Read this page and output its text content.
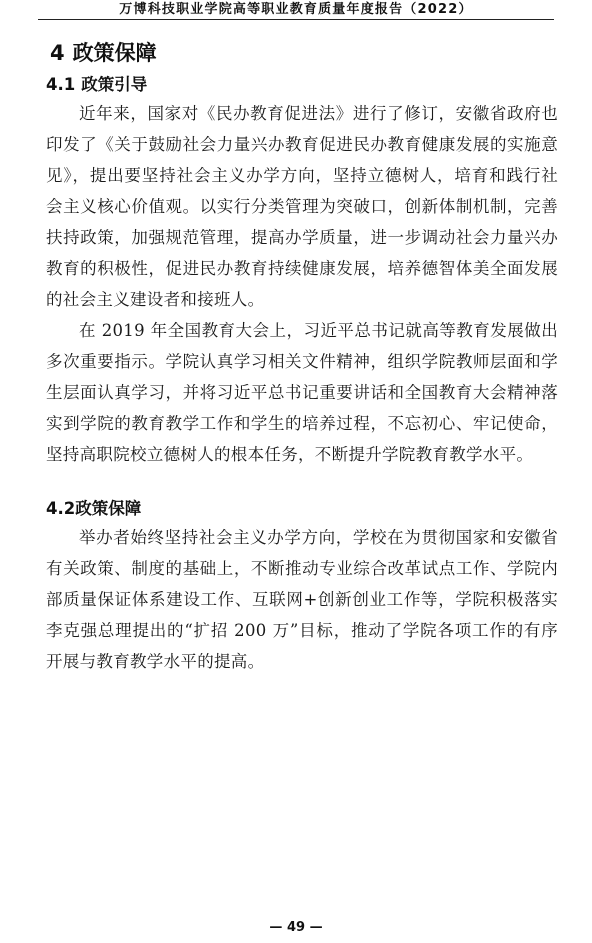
万博科技职业学院高等职业教育质量年度报告（2022）
4 政策保障
4.1 政策引导

近年来，国家对《民办教育促进法》进行了修订，安徽省政府也印发了《关于鼓励社会力量兴办教育促进民办教育健康发展的实施意见》，提出要坚持社会主义办学方向，坚持立德树人，培育和践行社会主义核心价值观。以实行分类管理为突破口，创新体制机制，完善扶持政策，加强规范管理，提高办学质量，进一步调动社会力量兴办教育的积极性，促进民办教育持续健康发展，培养德智体美全面发展的社会主义建设者和接班人。

在 2019 年全国教育大会上，习近平总书记就高等教育发展做出多次重要指示。学院认真学习相关文件精神，组织学院教师层面和学生层面认真学习，并将习近平总书记重要讲话和全国教育大会精神落实到学院的教育教学工作和学生的培养过程，不忘初心、牢记使命，坚持高职院校立德树人的根本任务，不断提升学院教育教学水平。

4.2政策保障

举办者始终坚持社会主义办学方向，学校在为贯彻国家和安徽省有关政策、制度的基础上，不断推动专业综合改革试点工作、学院内部质量保证体系建设工作、互联网+创新创业工作等，学院积极落实李克强总理提出的“扩招 200 万”目标，推动了学院各项工作的有序开展与教育教学水平的提高。

— 49 —
